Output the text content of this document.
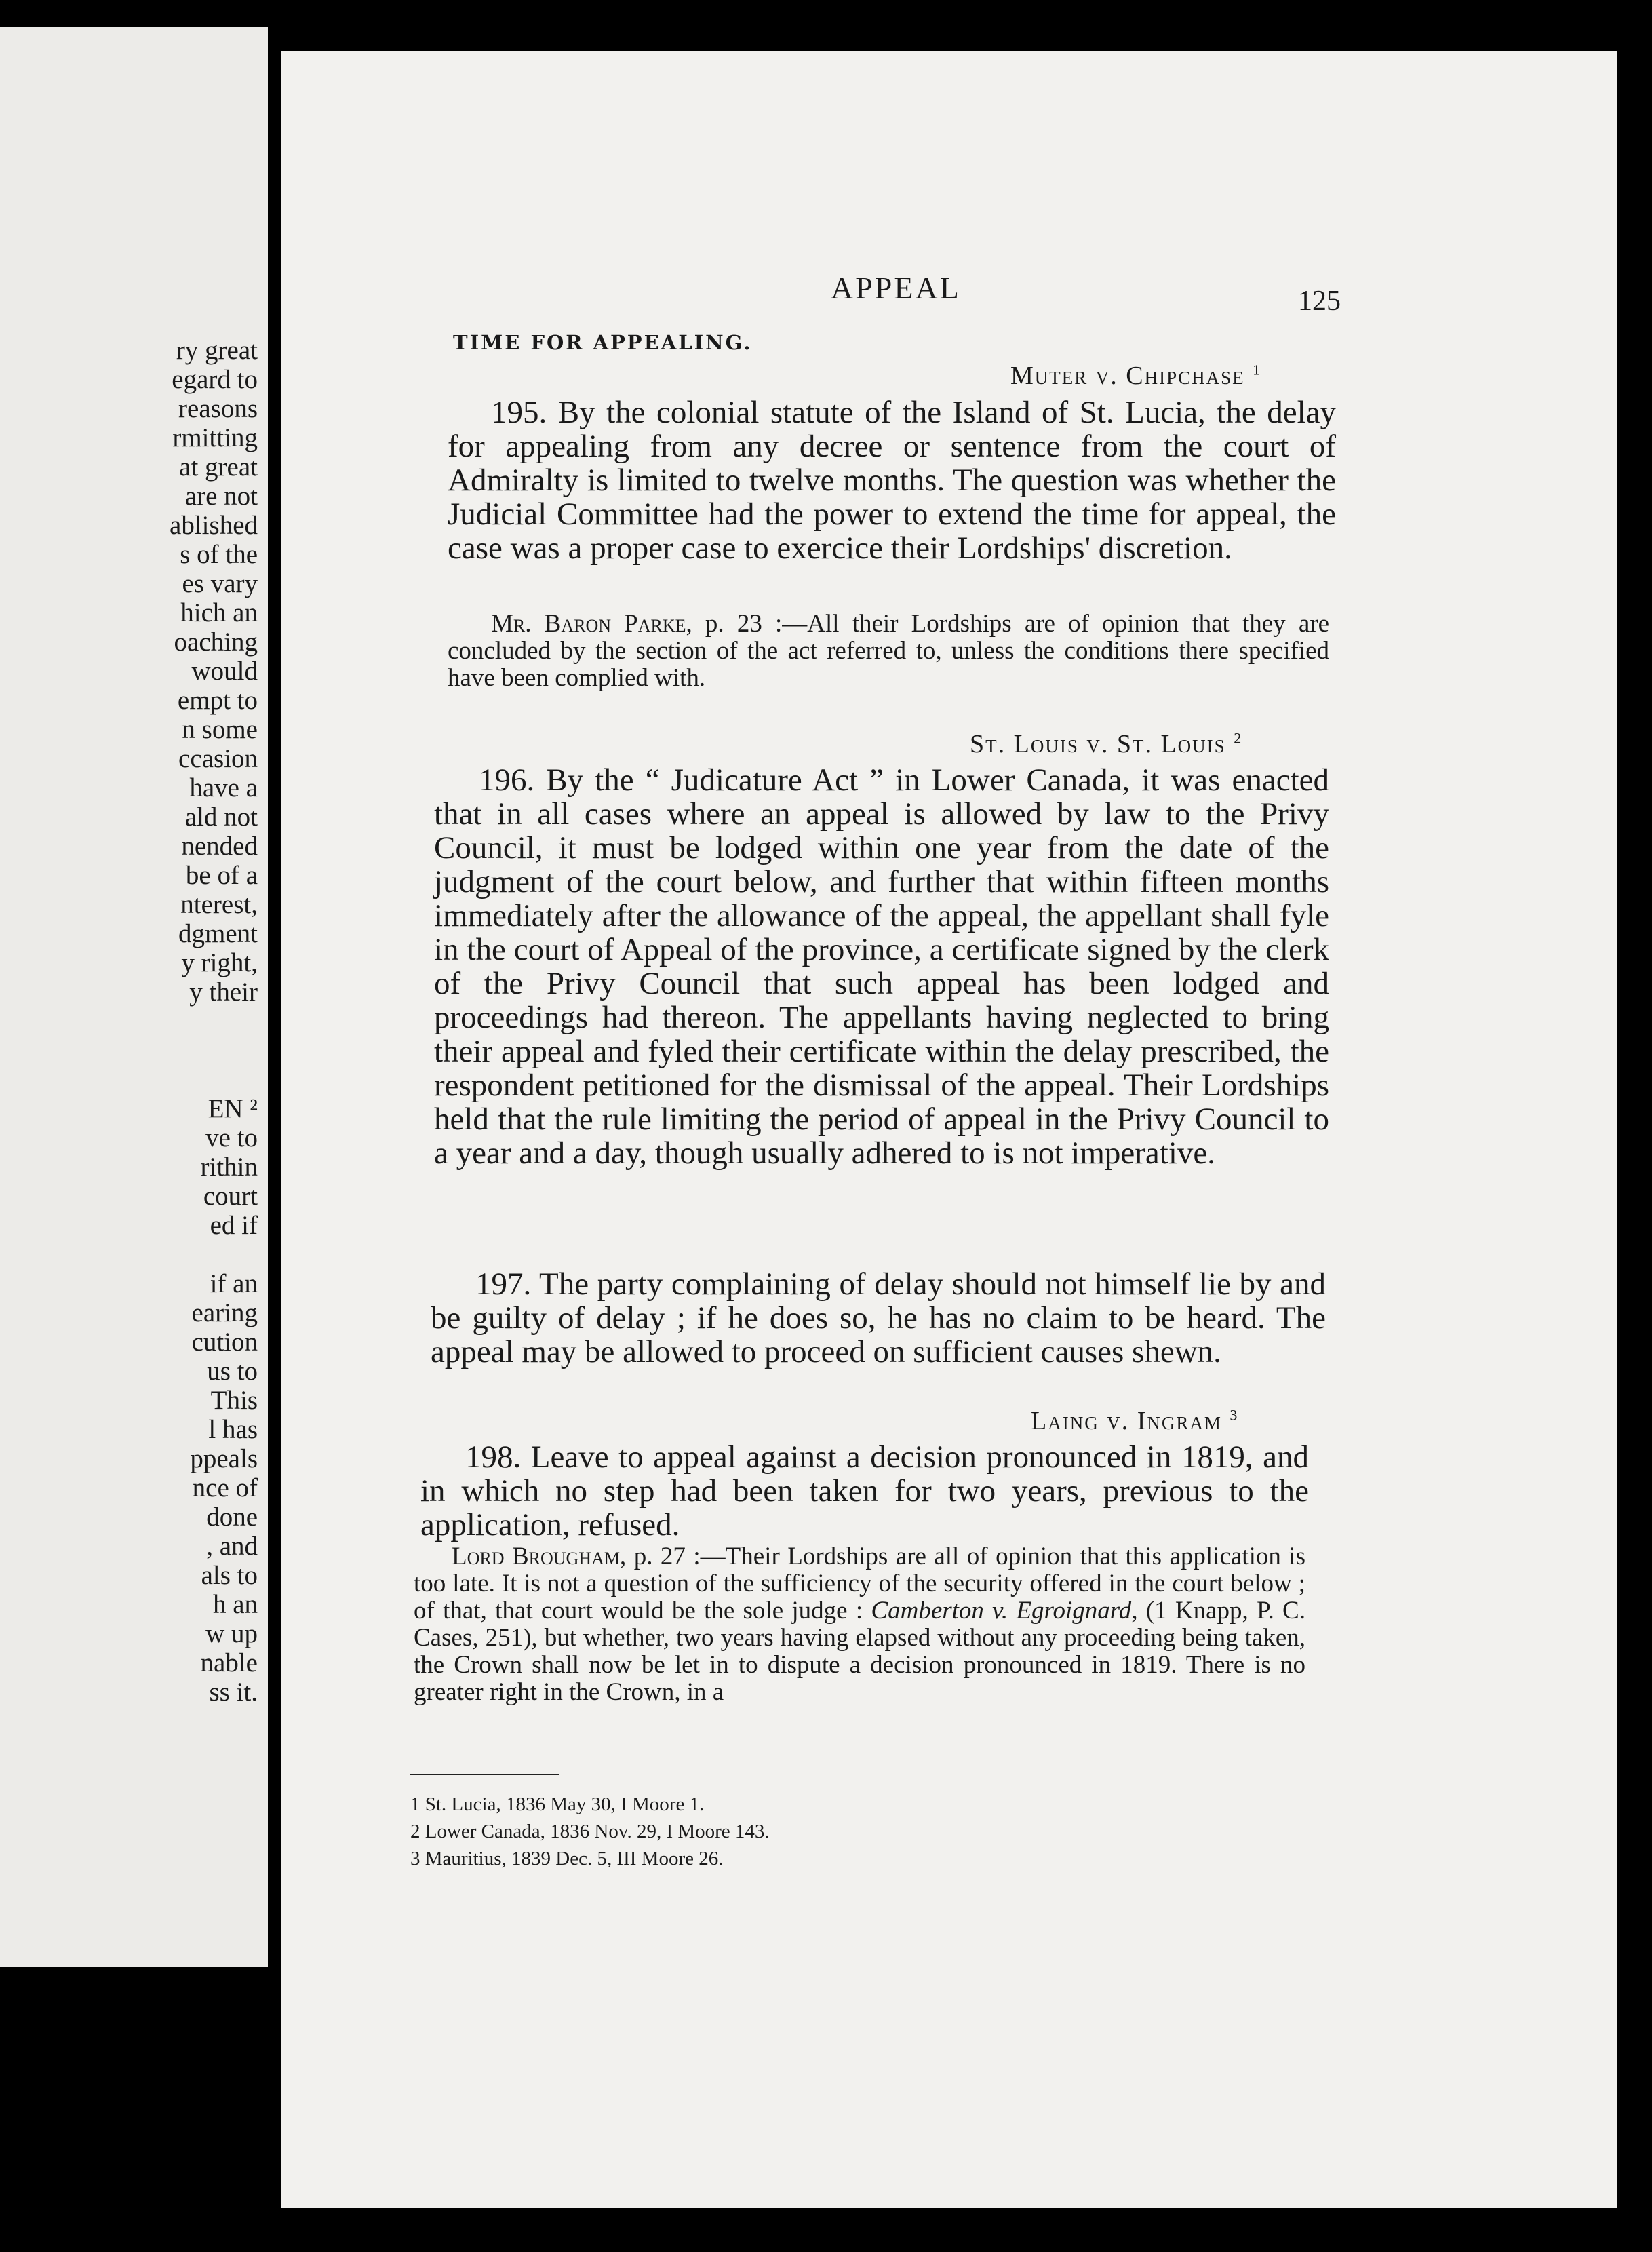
ry great
egard to
reasons
rmitting
at great
are not
ablished
s of the
es vary
hich an
oaching
would
empt to
n some
ccasion
have a
ald not
nended
be of a
nterest,
dgment
y right,
y their

EN ²
ve to
rithin
court
ed if

if an
earing
cution
us to
This
l has
ppeals
nce of
done
, and
als to
h an
w up
nable
ss it.
APPEAL	125
TIME FOR APPEALING.
Muter v. Chipchase $^1$

195. By the colonial statute of the Island of St. Lucia, the delay for appealing from any decree or sentence from the court of Admiralty is limited to twelve months. The question was whether the Judicial Committee had the power to extend the time for appeal, the case was a proper case to exercice their Lordships' discretion.

Mr. Baron Parke, p. 23 :—All their Lordships are of opinion that they are concluded by the section of the act referred to, unless the conditions there specified have been complied with.

St. Louis v. St. Louis $^2$

196. By the “ Judicature Act ” in Lower Canada, it was enacted that in all cases where an appeal is allowed by law to the Privy Council, it must be lodged within one year from the date of the judgment of the court below, and further that within fifteen months immediately after the allowance of the appeal, the appellant shall fyle in the court of Appeal of the province, a certificate signed by the clerk of the Privy Council that such appeal has been lodged and proceedings had thereon. The appellants having neglected to bring their appeal and fyled their certificate within the delay prescribed, the respondent petitioned for the dismissal of the appeal. Their Lordships held that the rule limiting the period of appeal in the Privy Council to a year and a day, though usually adhered to is not imperative.

197. The party complaining of delay should not himself lie by and be guilty of delay ; if he does so, he has no claim to be heard. The appeal may be allowed to proceed on sufficient causes shewn.

Laing v. Ingram $^3$

198. Leave to appeal against a decision pronounced in 1819, and in which no step had been taken for two years, previous to the application, refused.

Lord Brougham, p. 27 :—Their Lordships are all of opinion that this application is too late. It is not a question of the sufficiency of the security offered in the court below ; of that, that court would be the sole judge : Camberton v. Egroignard, (1 Knapp, P. C. Cases, 251), but whether, two years having elapsed without any proceeding being taken, the Crown shall now be let in to dispute a decision pronounced in 1819. There is no greater right in the Crown, in a

1 St. Lucia, 1836 May 30, I Moore 1.
2 Lower Canada, 1836 Nov. 29, I Moore 143.
3 Mauritius, 1839 Dec. 5, III Moore 26.
